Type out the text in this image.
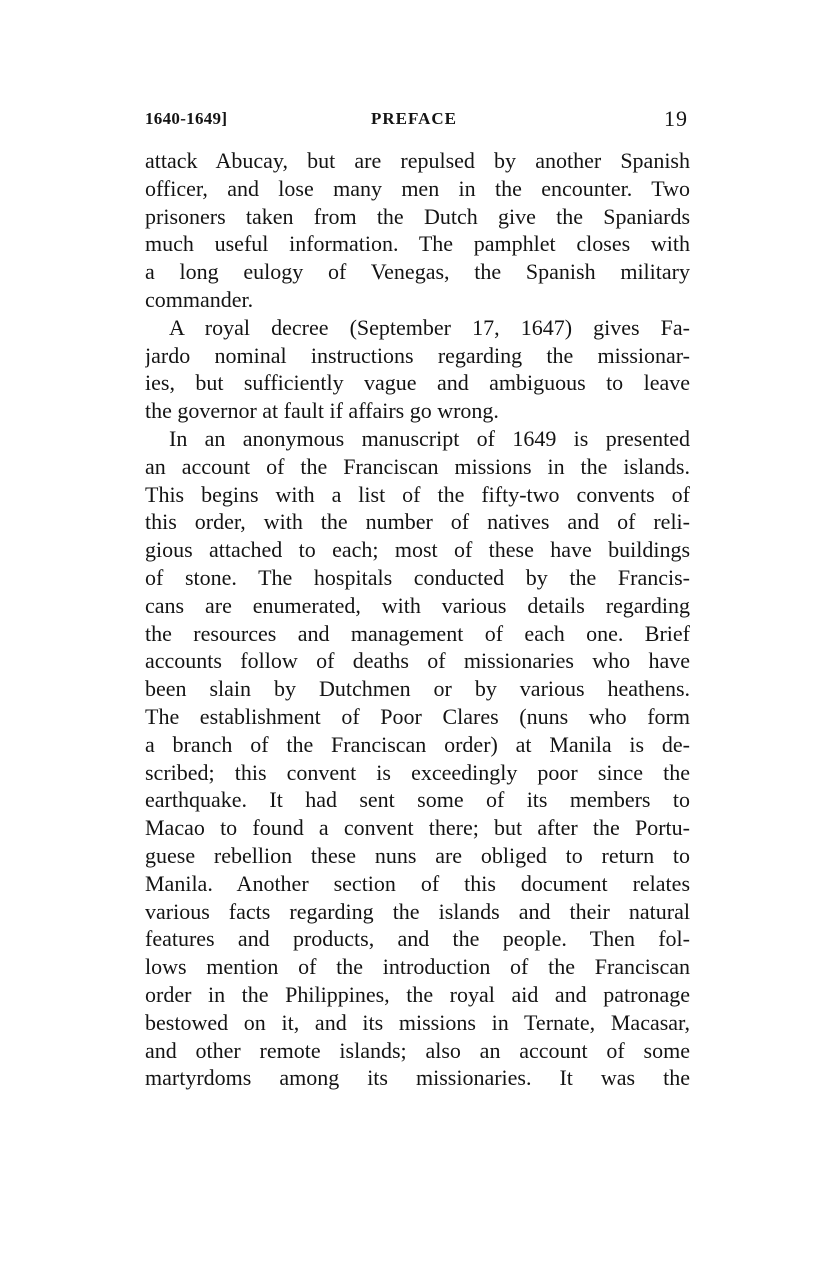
1640-1649]	PREFACE	19
attack Abucay, but are repulsed by another Spanish
officer, and lose many men in the encounter. Two
prisoners taken from the Dutch give the Spaniards
much useful information. The pamphlet closes with
a long eulogy of Venegas, the Spanish military
commander.
A royal decree (September 17, 1647) gives Fa-
jardo nominal instructions regarding the missionar-
ies, but sufficiently vague and ambiguous to leave
the governor at fault if affairs go wrong.
In an anonymous manuscript of 1649 is presented
an account of the Franciscan missions in the islands.
This begins with a list of the fifty-two convents of
this order, with the number of natives and of reli-
gious attached to each; most of these have buildings
of stone. The hospitals conducted by the Francis-
cans are enumerated, with various details regarding
the resources and management of each one. Brief
accounts follow of deaths of missionaries who have
been slain by Dutchmen or by various heathens.
The establishment of Poor Clares (nuns who form
a branch of the Franciscan order) at Manila is de-
scribed; this convent is exceedingly poor since the
earthquake. It had sent some of its members to
Macao to found a convent there; but after the Portu-
guese rebellion these nuns are obliged to return to
Manila. Another section of this document relates
various facts regarding the islands and their natural
features and products, and the people. Then fol-
lows mention of the introduction of the Franciscan
order in the Philippines, the royal aid and patronage
bestowed on it, and its missions in Ternate, Macasar,
and other remote islands; also an account of some
martyrdoms among its missionaries. It was the
